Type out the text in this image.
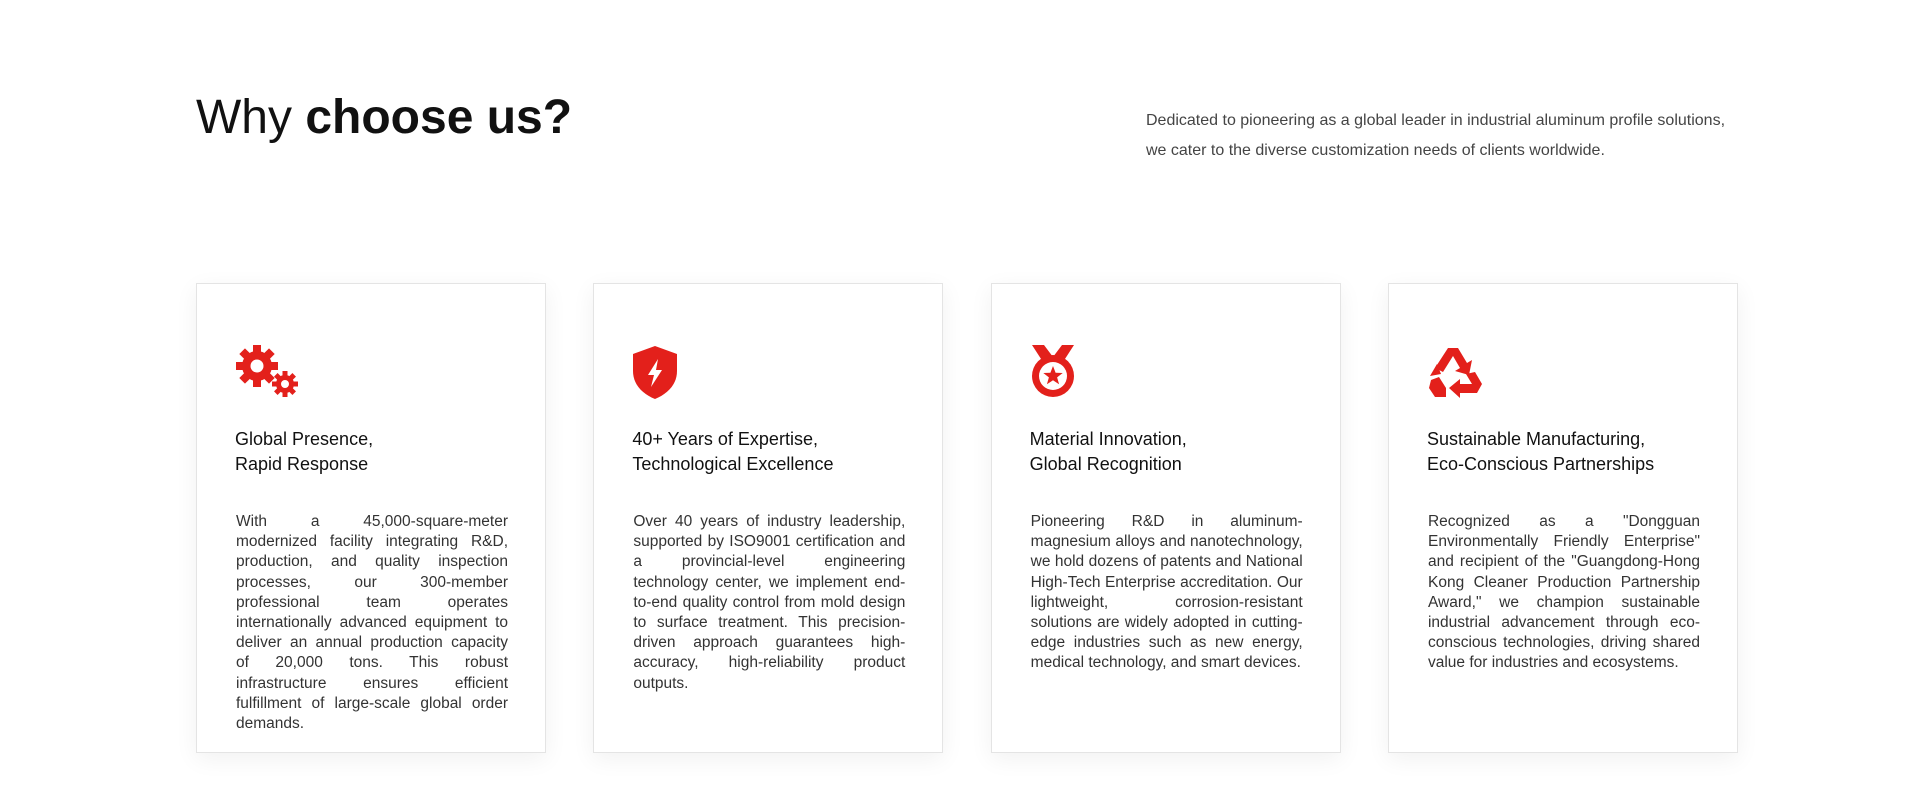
Why choose us?	Dedicated to pioneering as a global leader in industrial aluminum profile solutions, we cater to the diverse customization needs of clients worldwide.

Global Presence,
Rapid Response

With a 45,000-square-meter modernized facility integrating R&D, production, and quality inspection processes, our 300-member professional team operates internationally advanced equipment to deliver an annual production capacity of 20,000 tons. This robust infrastructure ensures efficient fulfillment of large-scale global order demands.

40+ Years of Expertise,
Technological Excellence

Over 40 years of industry leadership, supported by ISO9001 certification and a provincial-level engineering technology center, we implement end-to-end quality control from mold design to surface treatment. This precision-driven approach guarantees high-accuracy, high-reliability product outputs.

Material Innovation,
Global Recognition

Pioneering R&D in aluminum-magnesium alloys and nanotechnology, we hold dozens of patents and National High-Tech Enterprise accreditation. Our lightweight, corrosion-resistant solutions are widely adopted in cutting-edge industries such as new energy, medical technology, and smart devices.

Sustainable Manufacturing,
Eco-Conscious Partnerships

Recognized as a "Dongguan Environmentally Friendly Enterprise" and recipient of the "Guangdong-Hong Kong Cleaner Production Partnership Award," we champion sustainable industrial advancement through eco-conscious technologies, driving shared value for industries and ecosystems.
